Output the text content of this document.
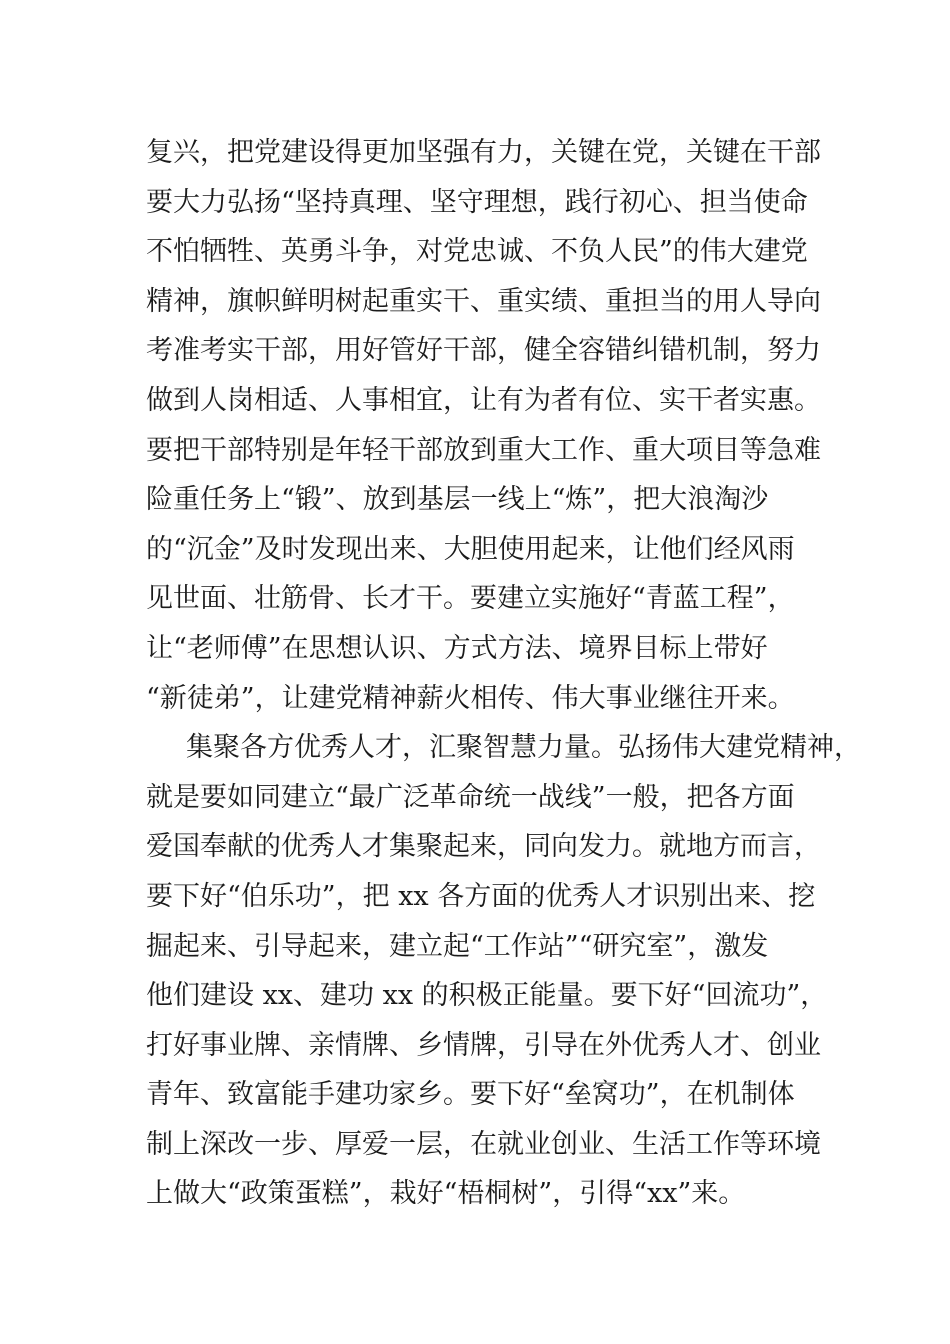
复兴，把党建设得更加坚强有力，关键在党，关键在干部
要大力弘扬“坚持真理、坚守理想，践行初心、担当使命
不怕牺牲、英勇斗争，对党忠诚、不负人民”的伟大建党
精神，旗帜鲜明树起重实干、重实绩、重担当的用人导向
考准考实干部，用好管好干部，健全容错纠错机制，努力
做到人岗相适、人事相宜，让有为者有位、实干者实惠。
要把干部特别是年轻干部放到重大工作、重大项目等急难
险重任务上“锻”、放到基层一线上“炼”，把大浪淘沙
的“沉金”及时发现出来、大胆使用起来，让他们经风雨
见世面、壮筋骨、长才干。要建立实施好“青蓝工程”，
让“老师傅”在思想认识、方式方法、境界目标上带好
“新徒弟”，让建党精神薪火相传、伟大事业继往开来。
集聚各方优秀人才，汇聚智慧力量。弘扬伟大建党精神，
就是要如同建立“最广泛革命统一战线”一般，把各方面
爱国奉献的优秀人才集聚起来，同向发力。就地方而言，
要下好“伯乐功”，把 xx 各方面的优秀人才识别出来、挖
掘起来、引导起来，建立起“工作站”“研究室”，激发
他们建设 xx、建功 xx 的积极正能量。要下好“回流功”，
打好事业牌、亲情牌、乡情牌，引导在外优秀人才、创业
青年、致富能手建功家乡。要下好“垒窝功”，在机制体
制上深改一步、厚爱一层，在就业创业、生活工作等环境
上做大“政策蛋糕”，栽好“梧桐树”，引得“xx”来。
